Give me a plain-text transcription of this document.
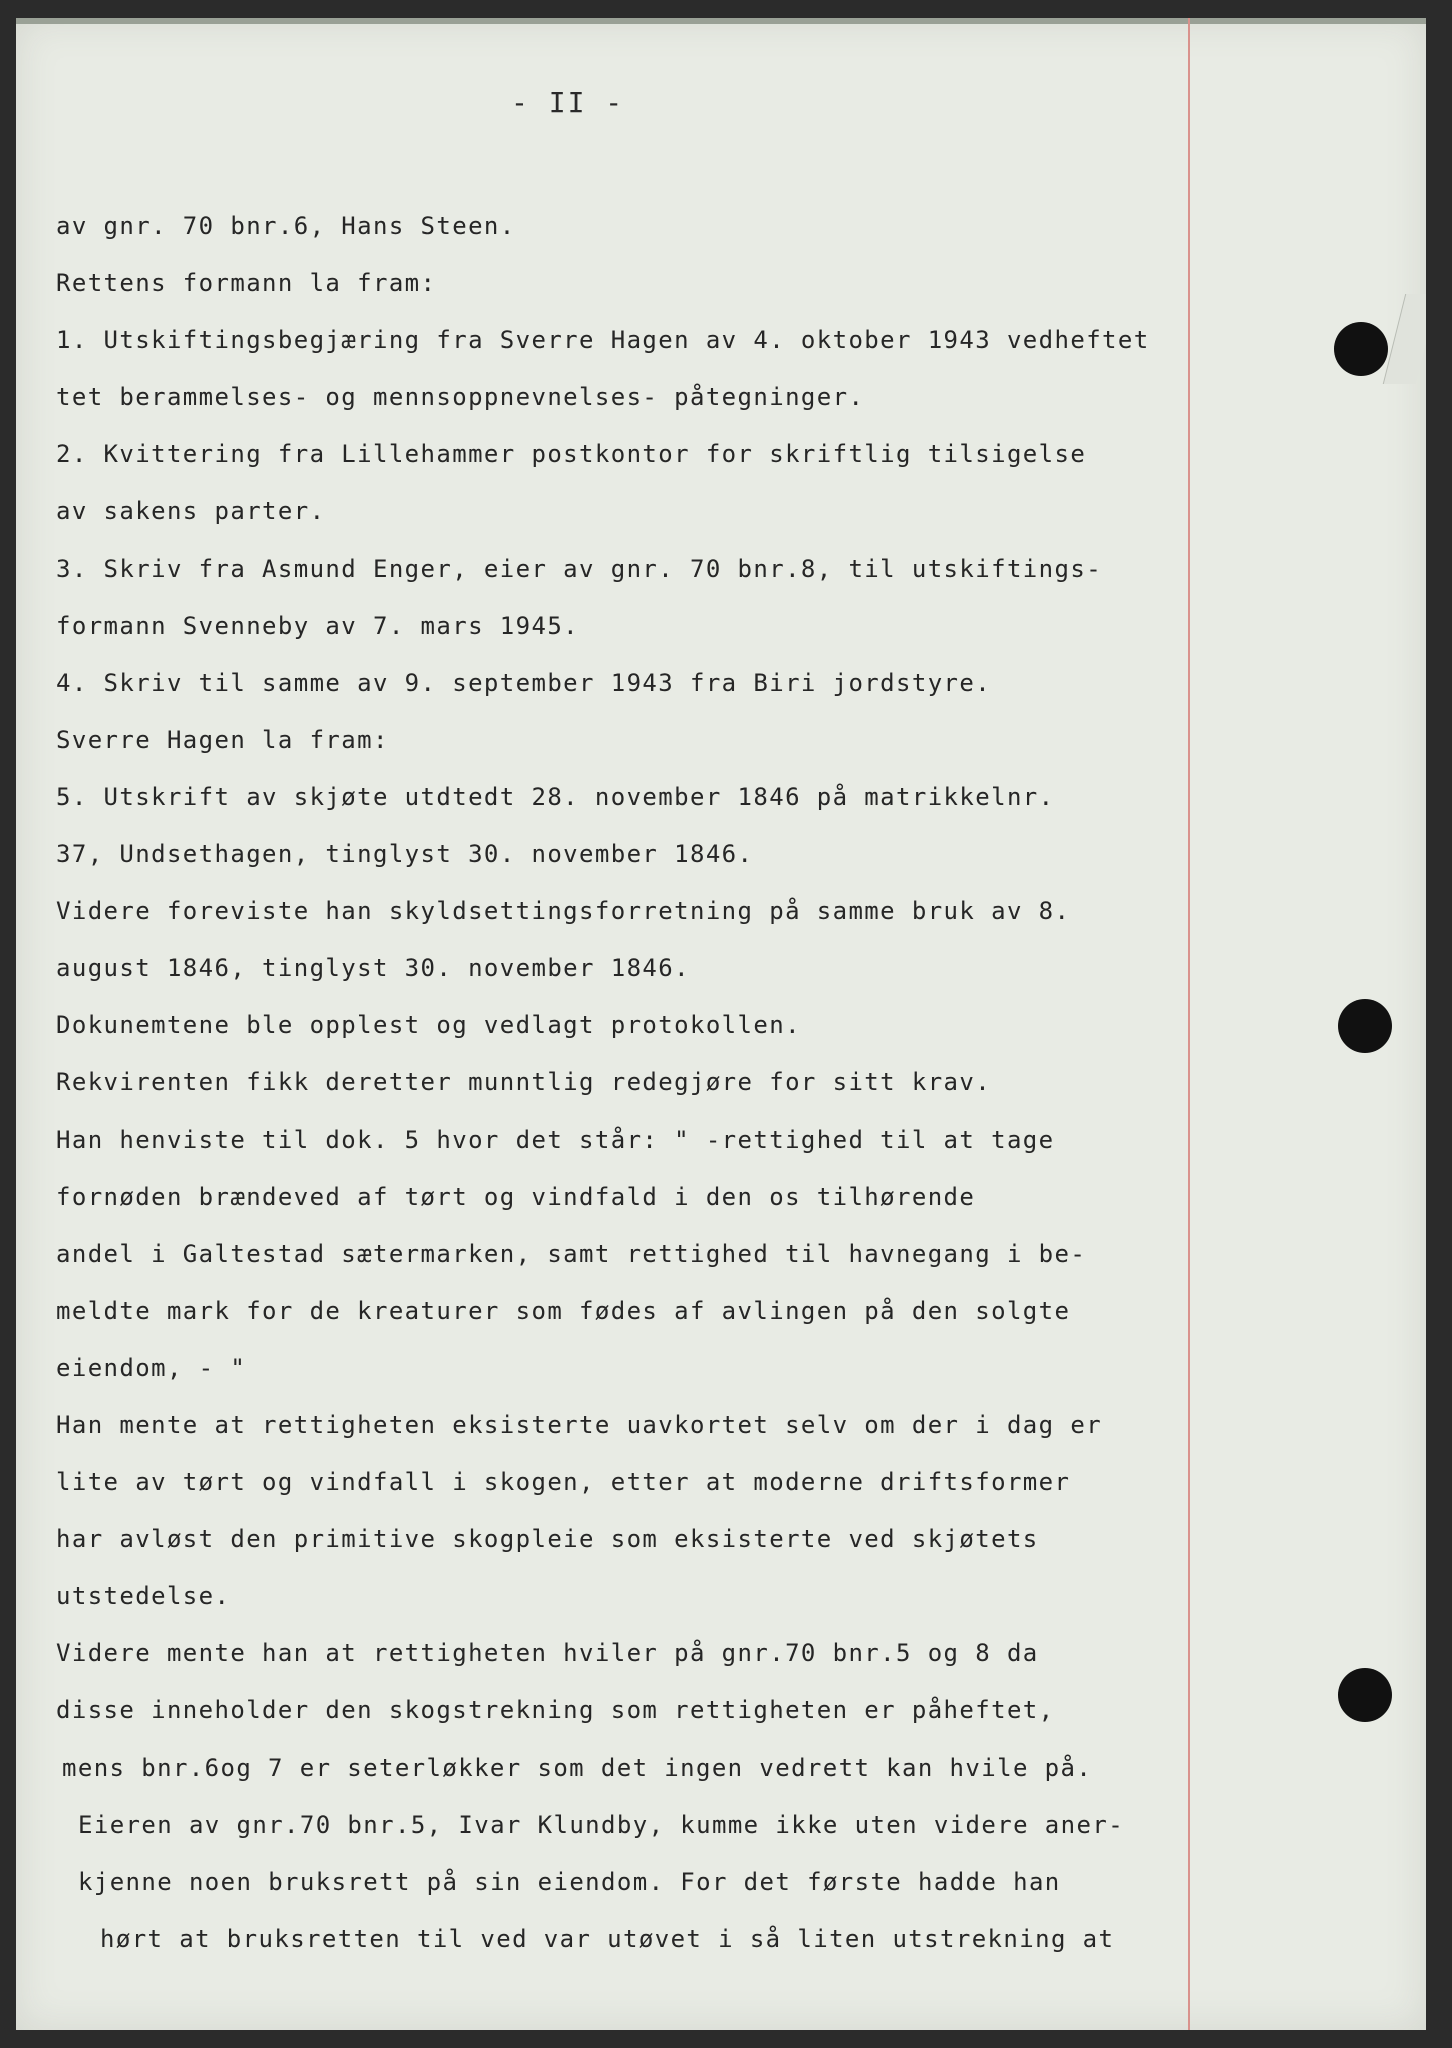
- II -
av gnr. 70 bnr.6, Hans Steen.
Rettens formann la fram:
1. Utskiftingsbegjæring fra Sverre Hagen av 4. oktober 1943 vedheftet
tet berammelses- og mennsoppnevnelses- påtegninger.
2. Kvittering fra Lillehammer postkontor for skriftlig tilsigelse
av sakens parter.
3. Skriv fra Asmund Enger, eier av gnr. 70 bnr.8, til utskiftings-
formann Svenneby av 7. mars 1945.
4. Skriv til samme av 9. september 1943 fra Biri jordstyre.
Sverre Hagen la fram:
5. Utskrift av skjøte utdtedt 28. november 1846 på matrikkelnr.
37, Undsethagen, tinglyst 30. november 1846.
Videre foreviste han skyldsettingsforretning på samme bruk av 8.
august 1846, tinglyst 30. november 1846.
Dokunemtene ble opplest og vedlagt protokollen.
Rekvirenten fikk deretter munntlig redegjøre for sitt krav.
Han henviste til dok. 5 hvor det står: " -rettighed til at tage
fornøden brændeved af tørt og vindfald i den os tilhørende
andel i Galtestad sætermarken, samt rettighed til havnegang i be-
meldte mark for de kreaturer som fødes af avlingen på den solgte
eiendom, - "
Han mente at rettigheten eksisterte uavkortet selv om der i dag er
lite av tørt og vindfall i skogen, etter at moderne driftsformer
har avløst den primitive skogpleie som eksisterte ved skjøtets
utstedelse.
Videre mente han at rettigheten hviler på gnr.70 bnr.5 og 8 da
disse inneholder den skogstrekning som rettigheten er påheftet,
mens bnr.6og 7 er seterløkker som det ingen vedrett kan hvile på.
Eieren av gnr.70 bnr.5, Ivar Klundby, kumme ikke uten videre aner-
kjenne noen bruksrett på sin eiendom. For det første hadde han
hørt at bruksretten til ved var utøvet i så liten utstrekning at
